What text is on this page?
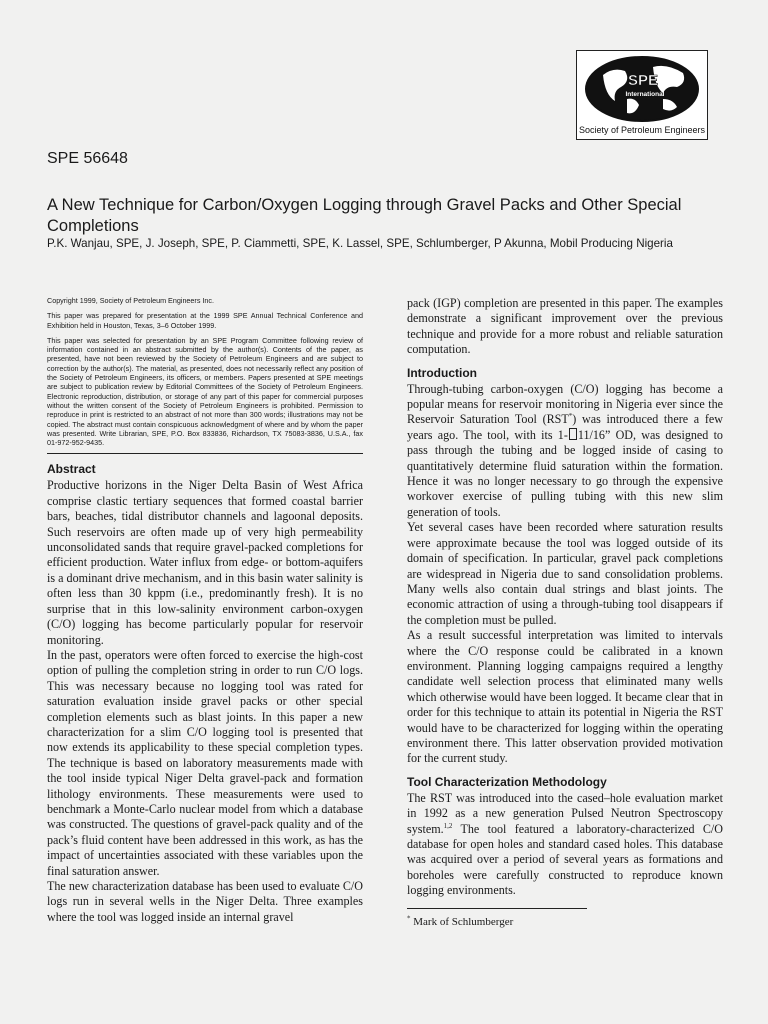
SPE
International
Society of Petroleum Engineers
SPE 56648
A New Technique for Carbon/Oxygen Logging through Gravel Packs and Other Special Completions
P.K. Wanjau, SPE, J. Joseph, SPE, P. Ciammetti, SPE, K. Lassel, SPE, Schlumberger, P Akunna, Mobil Producing Nigeria

Copyright 1999, Society of Petroleum Engineers Inc.

This paper was prepared for presentation at the 1999 SPE Annual Technical Conference and Exhibition held in Houston, Texas, 3–6 October 1999.

This paper was selected for presentation by an SPE Program Committee following review of information contained in an abstract submitted by the author(s). Contents of the paper, as presented, have not been reviewed by the Society of Petroleum Engineers and are subject to correction by the author(s). The material, as presented, does not necessarily reflect any position of the Society of Petroleum Engineers, its officers, or members. Papers presented at SPE meetings are subject to publication review by Editorial Committees of the Society of Petroleum Engineers. Electronic reproduction, distribution, or storage of any part of this paper for commercial purposes without the written consent of the Society of Petroleum Engineers is prohibited. Permission to reproduce in print is restricted to an abstract of not more than 300 words; illustrations may not be copied. The abstract must contain conspicuous acknowledgment of where and by whom the paper was presented. Write Librarian, SPE, P.O. Box 833836, Richardson, TX 75083-3836, U.S.A., fax 01-972-952-9435.

Abstract

Productive horizons in the Niger Delta Basin of West Africa comprise clastic tertiary sequences that formed coastal barrier bars, beaches, tidal distributor channels and lagoonal deposits. Such reservoirs are often made up of very high permeability unconsolidated sands that require gravel-packed completions for efficient production. Water influx from edge- or bottom-aquifers is a dominant drive mechanism, and in this basin water salinity is often less than 30 kppm (i.e., predominantly fresh). It is no surprise that in this low-salinity environment carbon-oxygen (C/O) logging has become particularly popular for reservoir monitoring.

In the past, operators were often forced to exercise the high-cost option of pulling the completion string in order to run C/O logs. This was necessary because no logging tool was rated for saturation evaluation inside gravel packs or other special completion elements such as blast joints. In this paper a new characterization for a slim C/O logging tool is presented that now extends its applicability to these special completion types. The technique is based on laboratory measurements made with the tool inside typical Niger Delta gravel-pack and formation lithology environments. These measurements were used to benchmark a Monte-Carlo nuclear model from which a database was constructed. The questions of gravel-pack quality and of the pack’s fluid content have been addressed in this work, as has the impact of uncertainties associated with these variables upon the final saturation answer.

The new characterization database has been used to evaluate C/O logs run in several wells in the Niger Delta. Three examples where the tool was logged inside an internal gravel

pack (IGP) completion are presented in this paper. The examples demonstrate a significant improvement over the previous technique and provide for a more robust and reliable saturation computation.

Introduction

Through-tubing carbon-oxygen (C/O) logging has become a popular means for reservoir monitoring in Nigeria ever since the Reservoir Saturation Tool (RST*) was introduced there a few years ago. The tool, with its 1- 11/16” OD, was designed to pass through the tubing and be logged inside of casing to quantitatively determine fluid saturation within the formation. Hence it was no longer necessary to go through the expensive workover exercise of pulling tubing with this new slim generation of tools.

Yet several cases have been recorded where saturation results were approximate because the tool was logged outside of its domain of specification. In particular, gravel pack completions are widespread in Nigeria due to sand consolidation problems. Many wells also contain dual strings and blast joints. The economic attraction of using a through-tubing tool disappears if the completion must be pulled.

As a result successful interpretation was limited to intervals where the C/O response could be calibrated in a known environment. Planning logging campaigns required a lengthy candidate well selection process that eliminated many wells which otherwise would have been logged. It became clear that in order for this technique to attain its potential in Nigeria the RST would have to be characterized for logging within the operating environment there. This latter observation provided motivation for the current study.

Tool Characterization Methodology

The RST was introduced into the cased–hole evaluation market in 1992 as a new generation Pulsed Neutron Spectroscopy system.$^{1,2}$ The tool featured a laboratory-characterized C/O database for open holes and standard cased holes. This database was acquired over a period of several years as formations and boreholes were carefully constructed to reproduce known logging environments.

* Mark of Schlumberger
